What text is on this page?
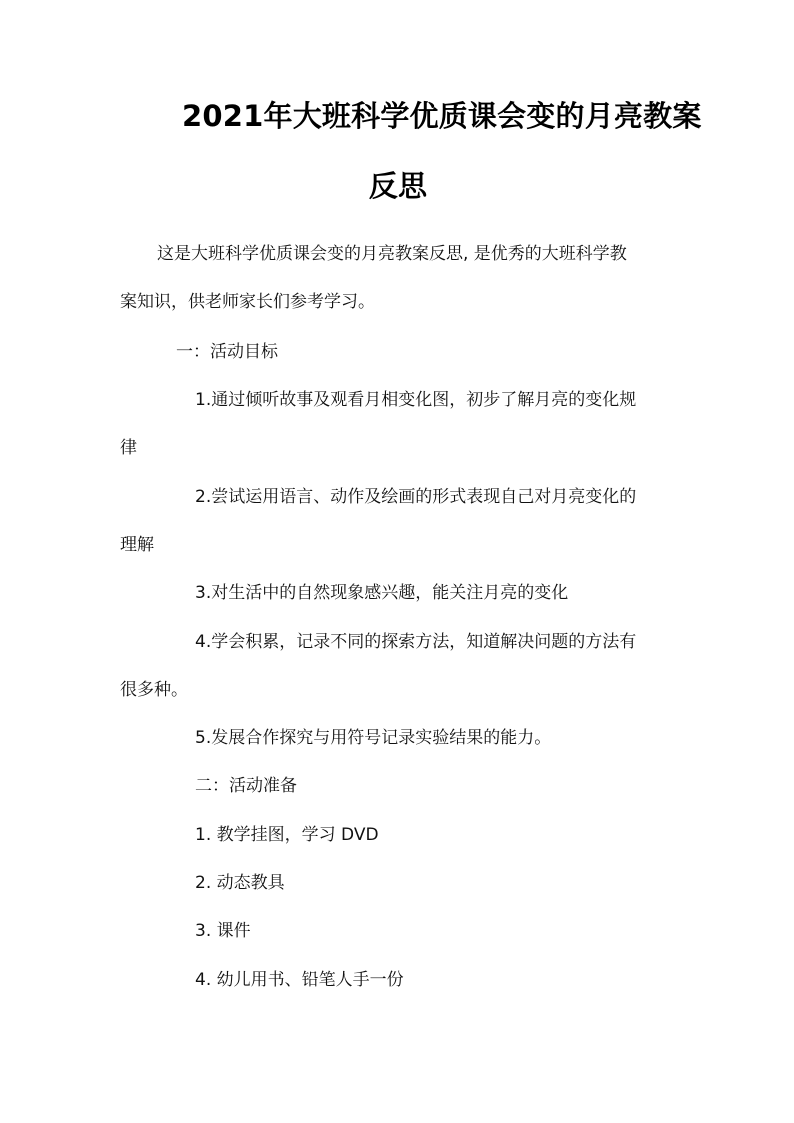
2021年大班科学优质课会变的月亮教案
反思
这是大班科学优质课会变的月亮教案反思, 是优秀的大班科学教
案知识，供老师家长们参考学习。
一：活动目标
1.通过倾听故事及观看月相变化图，初步了解月亮的变化规
律
2.尝试运用语言、动作及绘画的形式表现自己对月亮变化的
理解
3.对生活中的自然现象感兴趣，能关注月亮的变化
4.学会积累，记录不同的探索方法，知道解决问题的方法有
很多种。
5.发展合作探究与用符号记录实验结果的能力。
二：活动准备
1. 教学挂图，学习 DVD
2. 动态教具
3. 课件
4. 幼儿用书、铅笔人手一份
